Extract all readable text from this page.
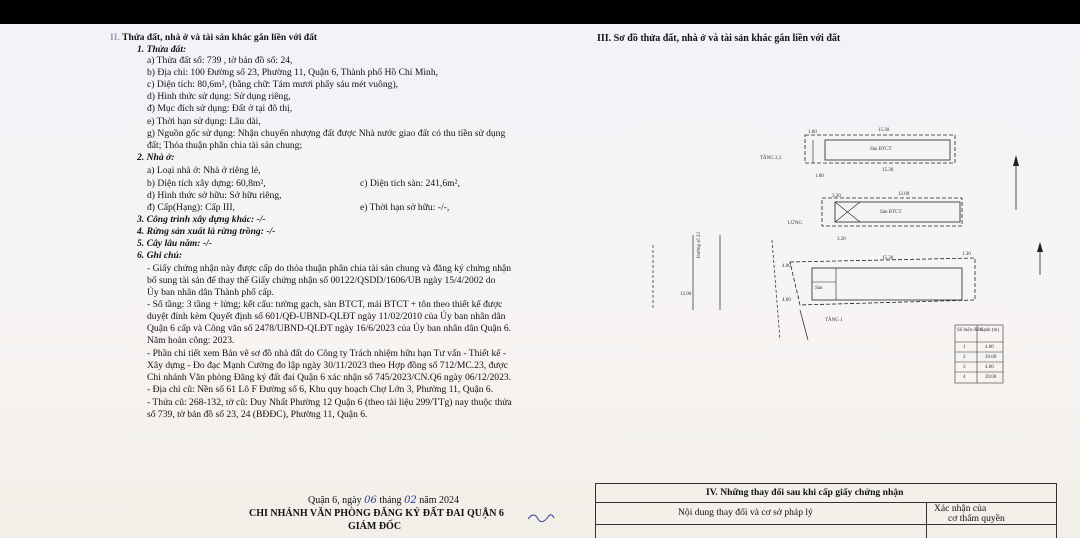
II. Thửa đất, nhà ở và tài sản khác gắn liền với đất
1. Thửa đất:
a) Thửa đất số: 739 , tờ bản đồ số: 24,
b) Địa chỉ: 100 Đường số 23, Phường 11, Quận 6, Thành phố Hồ Chí Minh,
c) Diện tích: 80,6m², (bằng chữ: Tám mươi phẩy sáu mét vuông),
d) Hình thức sử dụng: Sử dụng riêng,
đ) Mục đích sử dụng: Đất ở tại đô thị,
e) Thời hạn sử dụng: Lâu dài,
g) Nguồn gốc sử dụng: Nhận chuyển nhượng đất được Nhà nước giao đất có thu tiền sử dụng
đất; Thỏa thuận phân chia tài sản chung;
2. Nhà ở:
a) Loại nhà ở: Nhà ở riêng lẻ,
b) Diện tích xây dựng: 60,8m²,	c) Diện tích sàn: 241,6m²,
d) Hình thức sở hữu: Sở hữu riêng,
đ) Cấp(Hạng): Cấp III,	e) Thời hạn sở hữu: -/-,
3. Công trình xây dựng khác: -/-
4. Rừng sản xuất là rừng trồng: -/-
5. Cây lâu năm: -/-
6. Ghi chú:
- Giấy chứng nhận này được cấp do thỏa thuận phân chia tài sản chung và đăng ký chứng nhận
bổ sung tài sản để thay thế Giấy chứng nhận số 00122/QSDD/1606/UB ngày 15/4/2002 do
Ủy ban nhân dân Thành phố cấp.
- Số tầng: 3 tầng + lửng; kết cấu: tường gạch, sàn BTCT, mái BTCT + tôn theo thiết kế được
duyệt đính kèm Quyết định số 601/QĐ-UBND-QLĐT ngày 11/02/2010 của Ủy ban nhân dân
Quận 6 cấp và Công văn số 2478/UBND-QLĐT ngày 16/6/2023 của Ủy ban nhân dân Quận 6.
Năm hoàn công: 2023.
- Phần chi tiết xem Bản vẽ sơ đồ nhà đất do Công ty Trách nhiệm hữu hạn Tư vấn - Thiết kế -
Xây dựng - Đo đạc Mạnh Cường đo lập ngày 30/11/2023 theo Hợp đồng số 712/MC.23, được
Chi nhánh Văn phòng Đăng ký đất đai Quận 6 xác nhận số 745/2023/CN.Q6 ngày 06/12/2023.
- Địa chỉ cũ: Nền số 61 Lô F Đường số 6, Khu quy hoạch Chợ Lớn 3, Phường 11, Quận 6.
- Thửa cũ: 268-132, tờ cũ: Duy Nhất Phường 12 Quận 6 (theo tài liệu 299/TTg) nay thuộc thửa
số 739, tờ bản đồ số 23, 24 (BĐĐC), Phường 11, Quận 6.
Quận 6, ngày 06 tháng 02 năm 2024
CHI NHÁNH VĂN PHÒNG ĐĂNG KÝ ĐẤT ĐAI QUẬN 6
GIÁM ĐỐC
III. Sơ đồ thửa đất, nhà ở và tài sản khác gắn liền với đất
TẦNG 2,3
LỬNG
TẦNG 1
Sàn BTCT
Sàn BTCT
Sàn
Đường số 23
1.60	15.30
1.60
15.30
3.20	12.00
3.20
4.00
15.30
1.30
4.00
12.00
Số hiệu điểm
Cạnh (m)
1	4.00
2	20.00
3	4.00
4	20.00
IV. Những thay đổi sau khi cấp giấy chứng nhận
Nội dung thay đổi và cơ sở pháp lý	Xác nhận của
cơ thẩm quyền
